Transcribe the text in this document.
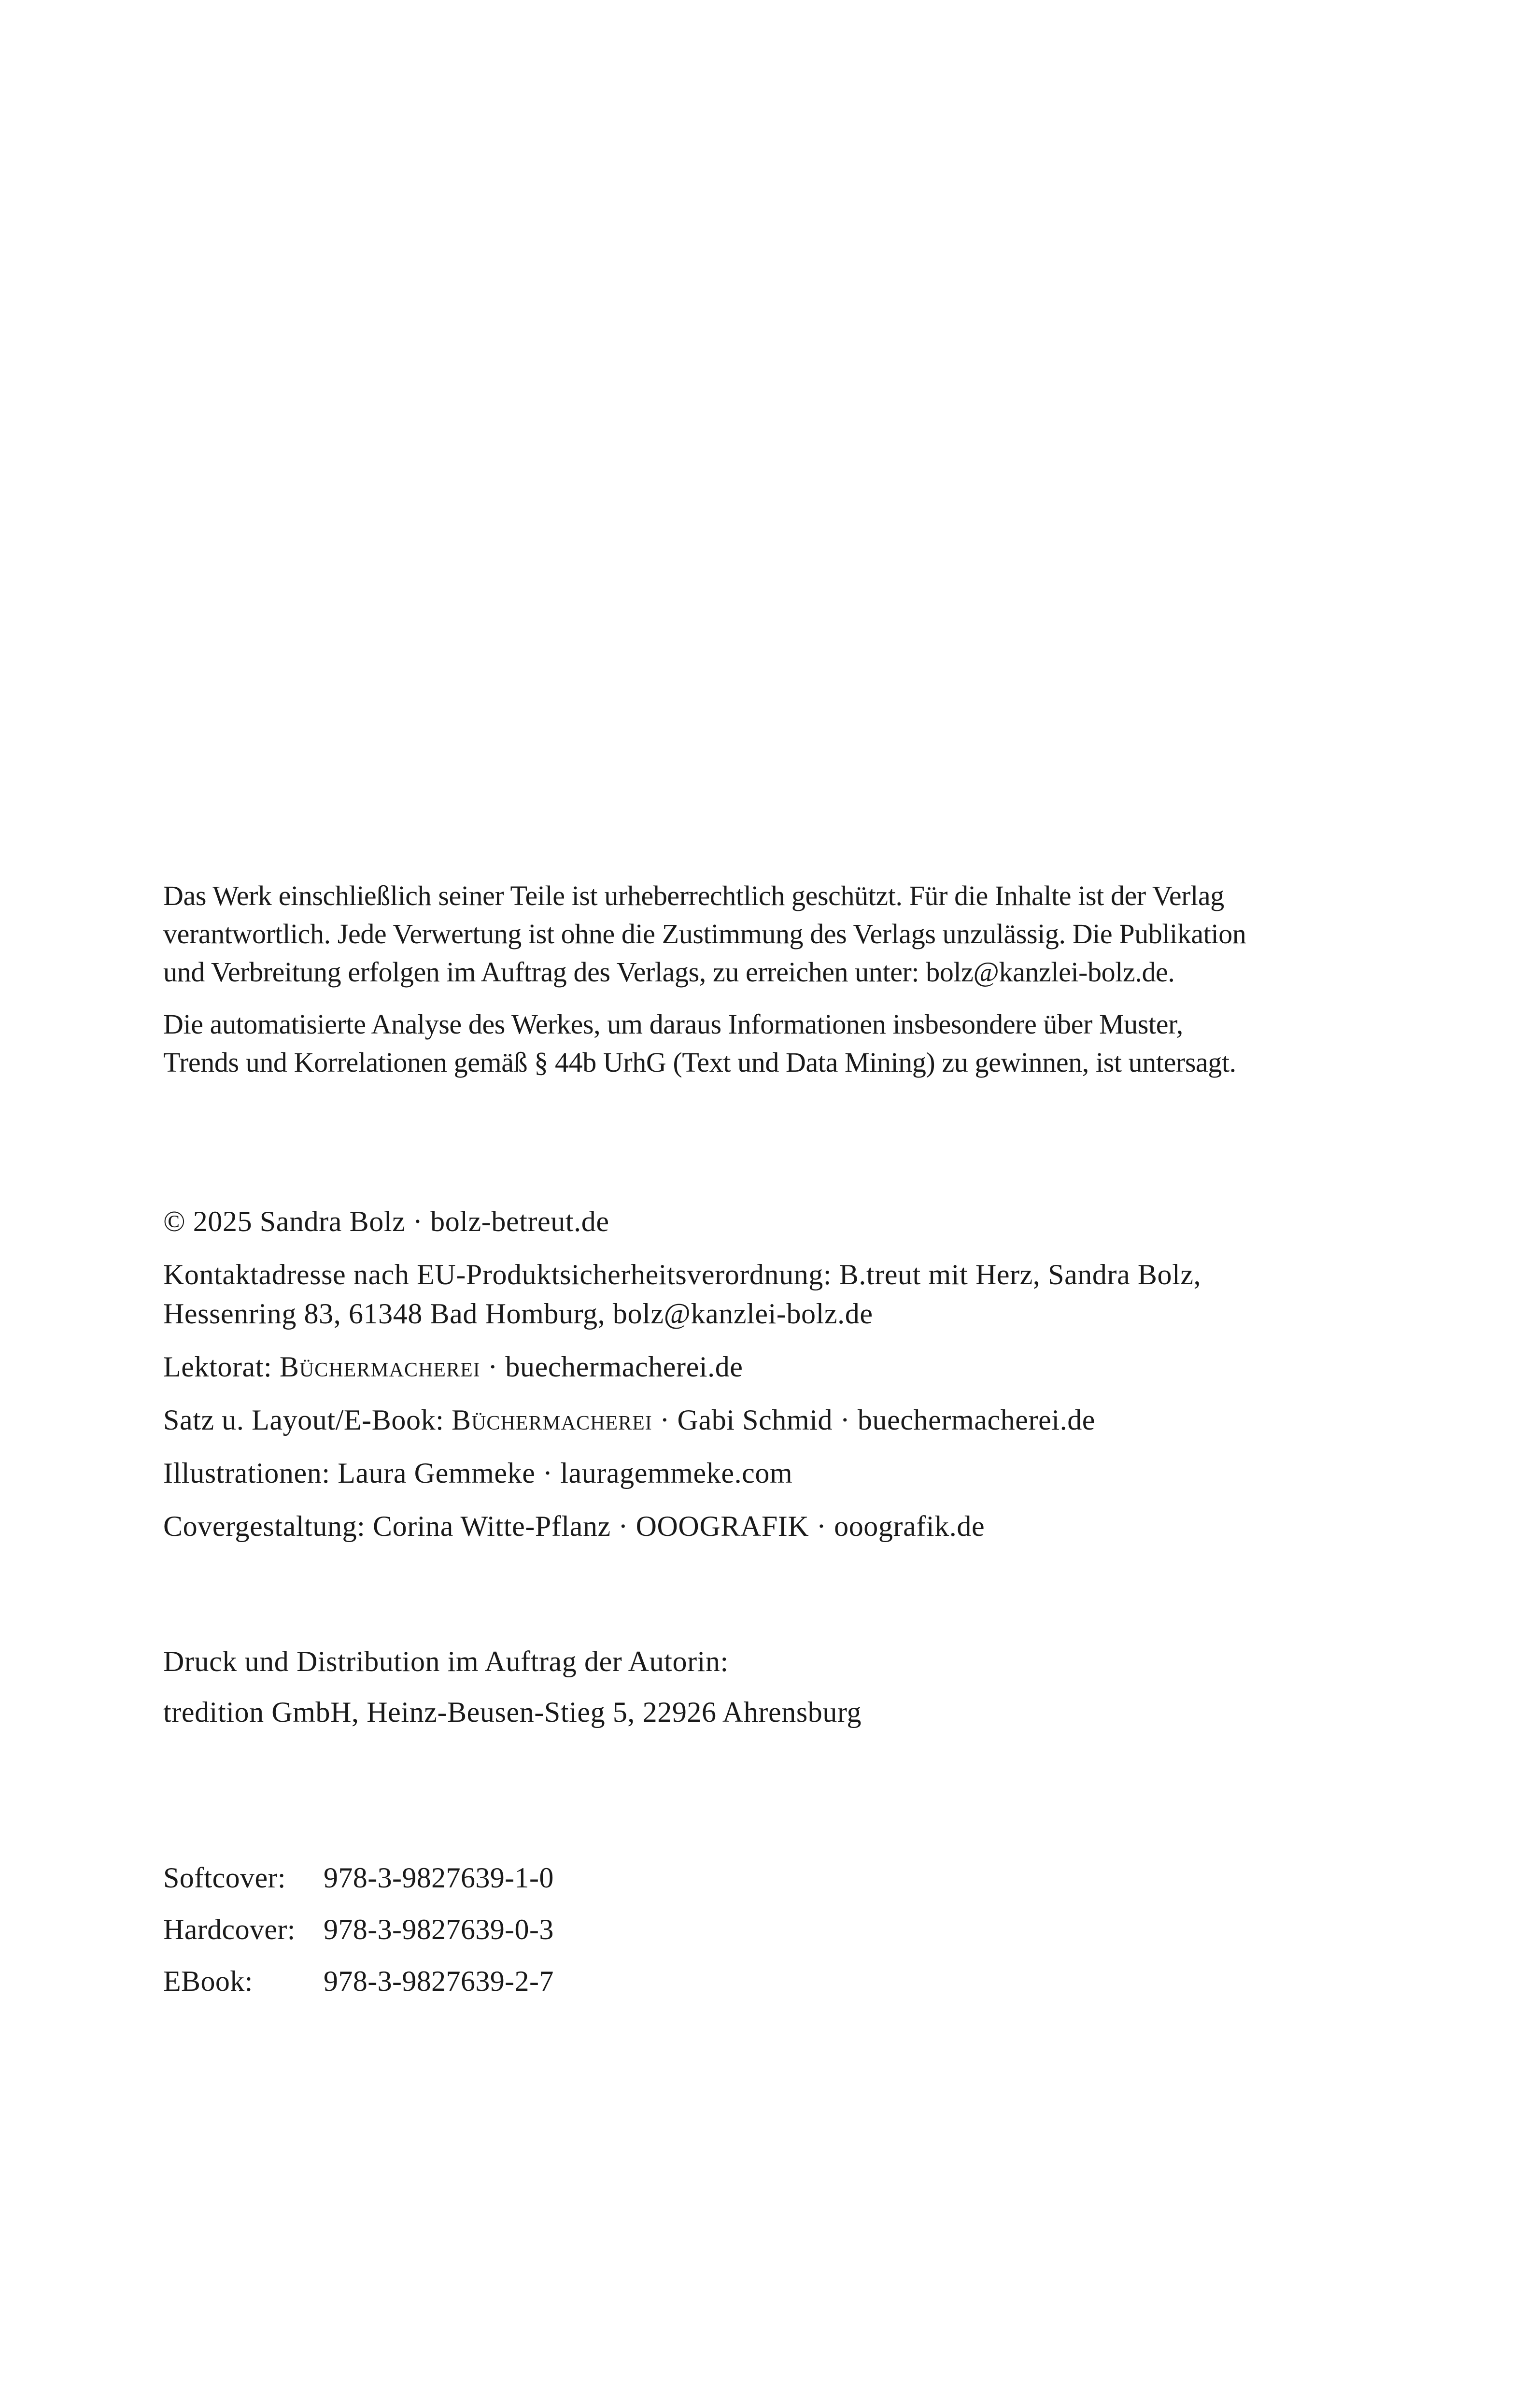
Das Werk einschließlich seiner Teile ist urheberrechtlich geschützt. Für die Inhalte ist der Verlag
verantwortlich. Jede Verwertung ist ohne die Zustimmung des Verlags unzulässig. Die Publikation
und Verbreitung erfolgen im Auftrag des Verlags, zu erreichen unter: bolz@kanzlei-bolz.de.
Die automatisierte Analyse des Werkes, um daraus Informationen insbesondere über Muster,
Trends und Korrelationen gemäß § 44b UrhG (Text und Data Mining) zu gewinnen, ist untersagt.
© 2025 Sandra Bolz · bolz-betreut.de
Kontaktadresse nach EU-Produktsicherheitsverordnung: B.treut mit Herz, Sandra Bolz,
Hessenring 83, 61348 Bad Homburg, bolz@kanzlei-bolz.de
Lektorat: Büchermacherei · buechermacherei.de
Satz u. Layout/E-Book: Büchermacherei · Gabi Schmid · buechermacherei.de
Illustrationen: Laura Gemmeke · lauragemmeke.com
Covergestaltung: Corina Witte-Pflanz · OOOGRAFIK · ooografik.de
Druck und Distribution im Auftrag der Autorin:
tredition GmbH, Heinz-Beusen-Stieg 5, 22926 Ahrensburg
Softcover:	978-3-9827639-1-0
Hardcover: 978-3-9827639-0-3
EBook:	978-3-9827639-2-7
